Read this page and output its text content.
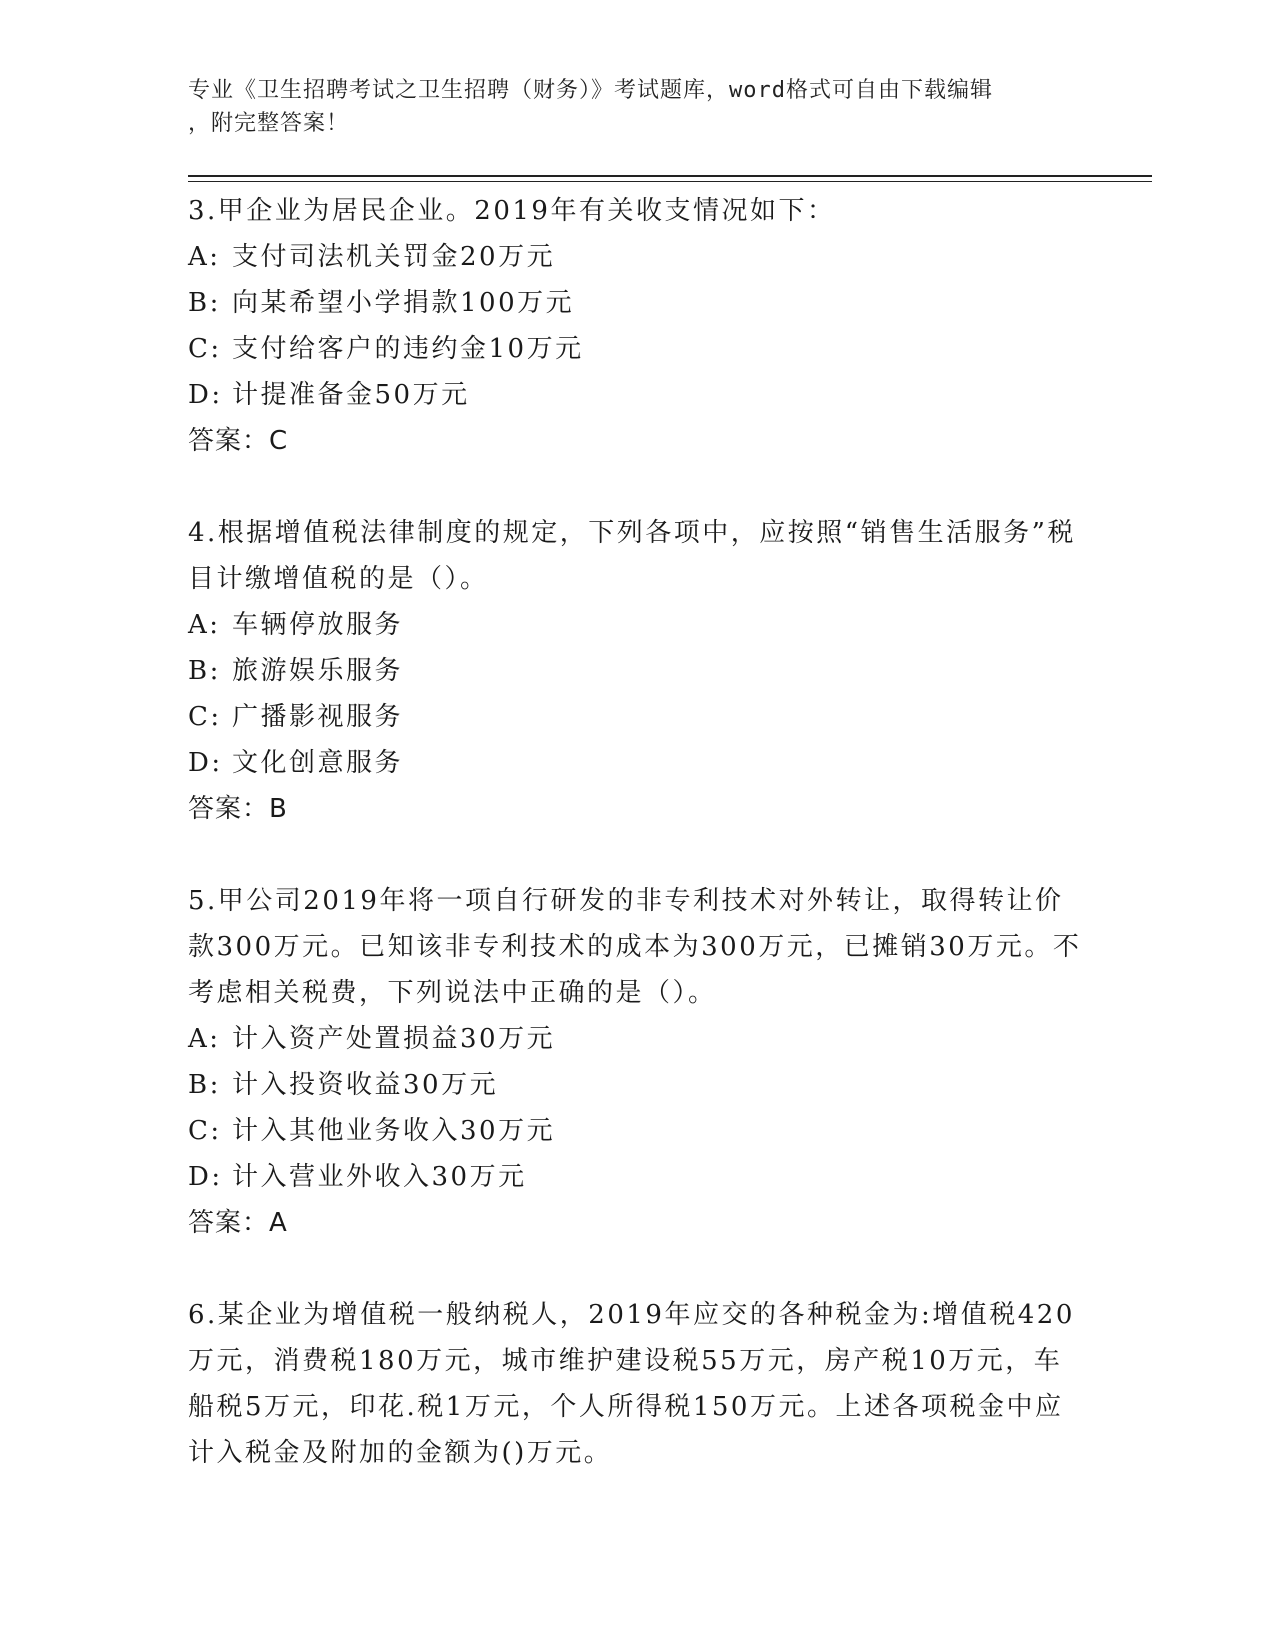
专业《卫生招聘考试之卫生招聘（财务）》考试题库，word格式可自由下载编辑
，附完整答案！

3.甲企业为居民企业。2019年有关收支情况如下：

A: 支付司法机关罚金20万元

B: 向某希望小学捐款100万元

C: 支付给客户的违约金10万元

D: 计提准备金50万元

答案：C

4.根据增值税法律制度的规定，下列各项中，应按照“销售生活服务”税目计缴增值税的是（）。

A: 车辆停放服务

B: 旅游娱乐服务

C: 广播影视服务

D: 文化创意服务

答案：B

5.甲公司2019年将一项自行研发的非专利技术对外转让，取得转让价款300万元。已知该非专利技术的成本为300万元，已摊销30万元。不考虑相关税费，下列说法中正确的是（）。

A: 计入资产处置损益30万元

B: 计入投资收益30万元

C: 计入其他业务收入30万元

D: 计入营业外收入30万元

答案：A

6.某企业为增值税一般纳税人，2019年应交的各种税金为:增值税420万元，消费税180万元，城市维护建设税55万元，房产税10万元，车船税5万元，印花.税1万元，个人所得税150万元。上述各项税金中应计入税金及附加的金额为()万元。
